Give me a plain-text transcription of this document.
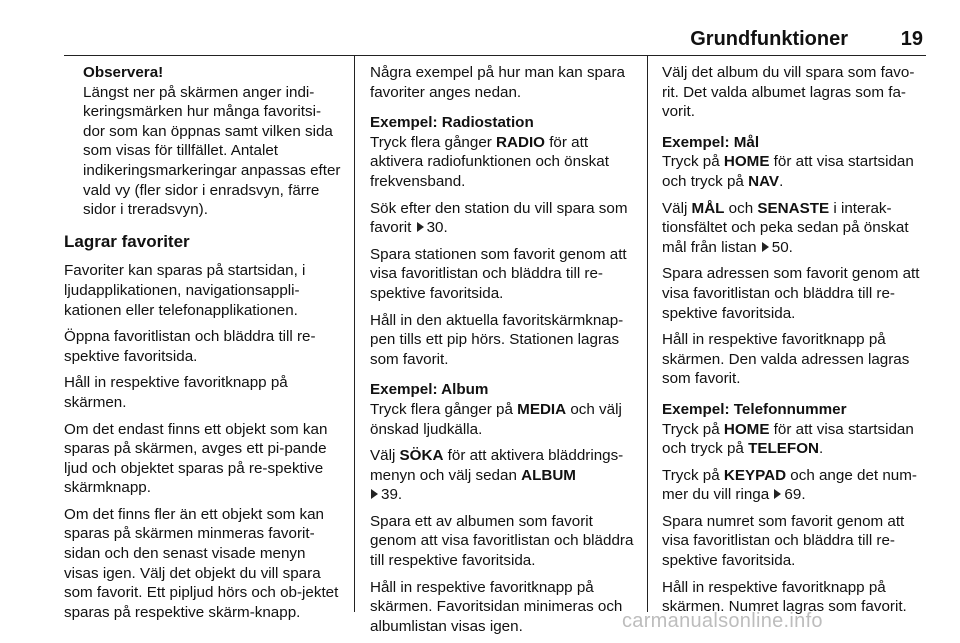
Grundfunktioner	19
Observera!
Längst ner på skärmen anger indi-keringsmärken hur många favoritsi-dor som kan öppnas samt vilken sida som visas för tillfället. Antalet indikeringsmarkeringar anpassas efter vald vy (fler sidor i enradsvyn, färre sidor i treradsvyn).
Lagrar favoriter

Favoriter kan sparas på startsidan, i ljudapplikationen, navigationsappli-kationen eller telefonapplikationen.

Öppna favoritlistan och bläddra till re-spektive favoritsida.

Håll in respektive favoritknapp på skärmen.

Om det endast finns ett objekt som kan sparas på skärmen, avges ett pi-pande ljud och objektet sparas på re-spektive skärmknapp.

Om det finns fler än ett objekt som kan sparas på skärmen minmeras favorit-sidan och den senast visade menyn visas igen. Välj det objekt du vill spara som favorit. Ett pipljud hörs och ob-jektet sparas på respektive skärm-knapp.

Några exempel på hur man kan spara favoriter anges nedan.

Exempel: Radiostation

Tryck flera gånger RADIO för att aktivera radiofunktionen och önskat frekvensband.

Sök efter den station du vill spara som favorit 30.

Spara stationen som favorit genom att visa favoritlistan och bläddra till re-spektive favoritsida.

Håll in den aktuella favoritskärmknap-pen tills ett pip hörs. Stationen lagras som favorit.

Exempel: Album

Tryck flera gånger på MEDIA och välj önskad ljudkälla.

Välj SÖKA för att aktivera bläddrings-menyn och välj sedan ALBUM
39.

Spara ett av albumen som favorit genom att visa favoritlistan och bläddra till respektive favoritsida.

Håll in respektive favoritknapp på skärmen. Favoritsidan minimeras och albumlistan visas igen.

Välj det album du vill spara som favo-rit. Det valda albumet lagras som fa-vorit.

Exempel: Mål

Tryck på HOME för att visa startsidan och tryck på NAV.

Välj MÅL och SENASTE i interak-tionsfältet och peka sedan på önskat mål från listan 50.

Spara adressen som favorit genom att visa favoritlistan och bläddra till re-spektive favoritsida.

Håll in respektive favoritknapp på skärmen. Den valda adressen lagras som favorit.

Exempel: Telefonnummer

Tryck på HOME för att visa startsidan och tryck på TELEFON.

Tryck på KEYPAD och ange det num-mer du vill ringa 69.

Spara numret som favorit genom att visa favoritlistan och bläddra till re-spektive favoritsida.

Håll in respektive favoritknapp på skärmen. Numret lagras som favorit.

carmanualsonline.info
